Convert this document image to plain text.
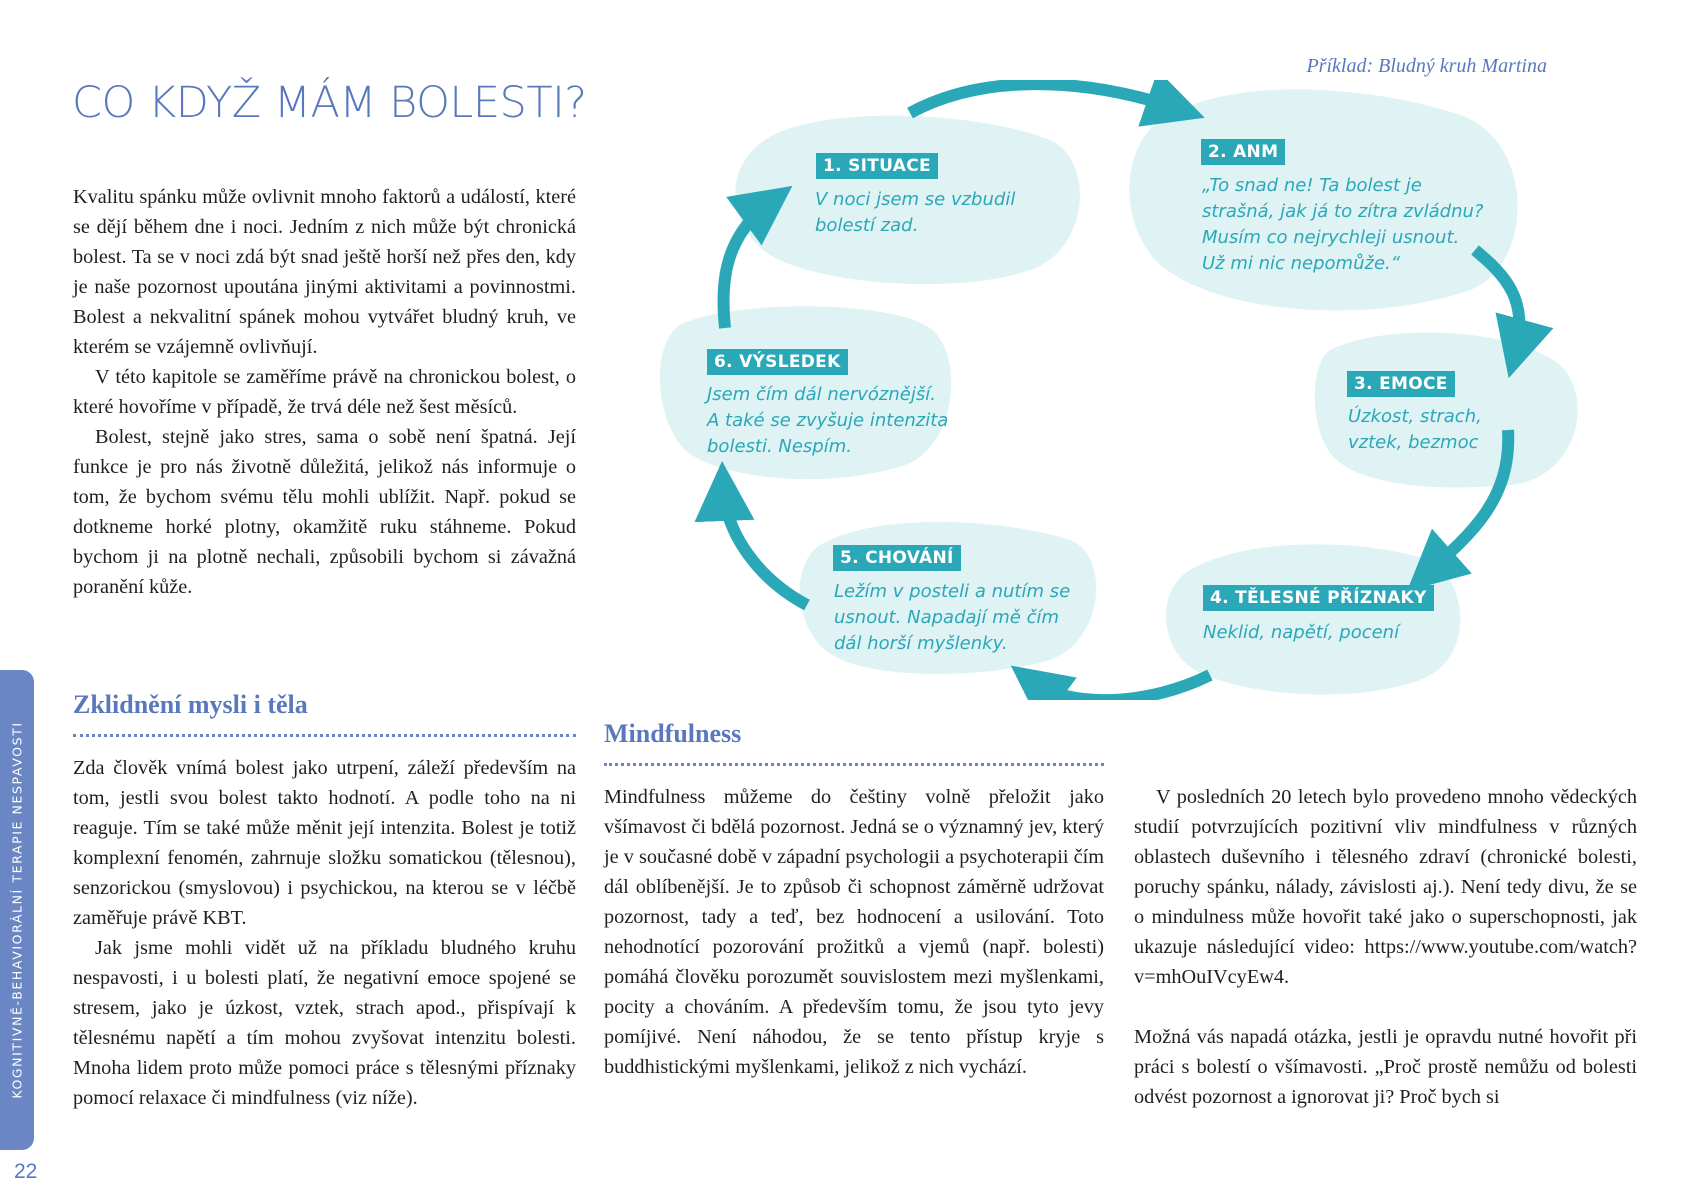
KOGNITIVNĚ-BEHAVIORÁLNÍ TERAPIE NESPAVOSTI
22
CO KDYŽ MÁM BOLESTI?

Kvalitu spánku může ovlivnit mnoho faktorů a událostí, které se dějí během dne i noci. Jedním z nich může být chronická bolest. Ta se v noci zdá být snad ještě horší než přes den, kdy je naše pozornost upoutána jinými aktivitami a povinnostmi. Bolest a nekvalitní spánek mohou vytvářet bludný kruh, ve kterém se vzájemně ovlivňují.

V této kapitole se zaměříme právě na chronickou bolest, o které hovoříme v případě, že trvá déle než šest měsíců.

Bolest, stejně jako stres, sama o sobě není špatná. Její funkce je pro nás životně důležitá, jelikož nás informuje o tom, že bychom svému tělu mohli ublížit. Např. pokud se dotkneme horké plotny, okamžitě ruku stáhneme. Pokud bychom ji na plotně nechali, způsobili bychom si závažná poranění kůže.

Zklidnění mysli i těla

Zda člověk vnímá bolest jako utrpení, záleží především na tom, jestli svou bolest takto hodnotí. A podle toho na ni reaguje. Tím se také může měnit její intenzita. Bolest je totiž komplexní fenomén, zahrnuje složku somatickou (tělesnou), senzorickou (smyslovou) i psychickou, na kterou se v léčbě zaměřuje právě KBT.

Jak jsme mohli vidět už na příkladu bludného kruhu nespavosti, i u bolesti platí, že negativní emoce spojené se stresem, jako je úzkost, vztek, strach apod., přispívají k tělesnému napětí a tím mohou zvyšovat intenzitu bolesti. Mnoha lidem proto může pomoci práce s tělesnými příznaky pomocí relaxace či mindfulness (viz níže).

Mindfulness

Mindfulness můžeme do češtiny volně přeložit jako všímavost či bdělá pozornost. Jedná se o významný jev, který je v současné době v západní psychologii a psychoterapii čím dál oblíbenější. Je to způsob či schopnost záměrně udržovat pozornost, tady a teď, bez hodnocení a usilování. Toto nehodnotící pozorování prožitků a vjemů (např. bolesti) pomáhá člověku porozumět souvislostem mezi myšlenkami, pocity a chováním. A především tomu, že jsou tyto jevy pomíjivé. Není náhodou, že se tento přístup kryje s buddhistickými myšlenkami, jelikož z nich vychází.

V posledních 20 letech bylo provedeno mnoho vědeckých studií potvrzujících pozitivní vliv mindfulness v různých oblastech duševního i tělesného zdraví (chronické bolesti, poruchy spánku, nálady, závislosti aj.). Není tedy divu, že se o mindulness může hovořit také jako o superschopnosti, jak ukazuje následující video: https://www.youtube.com/watch?v=mhOuIVcyEw4.

Možná vás napadá otázka, jestli je opravdu nutné hovořit při práci s bolestí o všímavosti. „Proč prostě nemůžu od bolesti odvést pozornost a ignorovat ji? Proč bych si

Příklad: Bludný kruh Martina
1. SITUACE
V noci jsem se vzbudil
bolestí zad.
2. ANM
„To snad ne! Ta bolest je
strašná, jak já to zítra zvládnu?
Musím co nejrychleji usnout.
Už mi nic nepomůže.“
3. EMOCE
Úzkost, strach,
vztek, bezmoc
4. TĚLESNÉ PŘÍZNAKY
Neklid, napětí, pocení
5. CHOVÁNÍ
Ležím v posteli a nutím se
usnout. Napadají mě čím
dál horší myšlenky.
6. VÝSLEDEK
Jsem čím dál nervóznější.
A také se zvyšuje intenzita
bolesti. Nespím.
